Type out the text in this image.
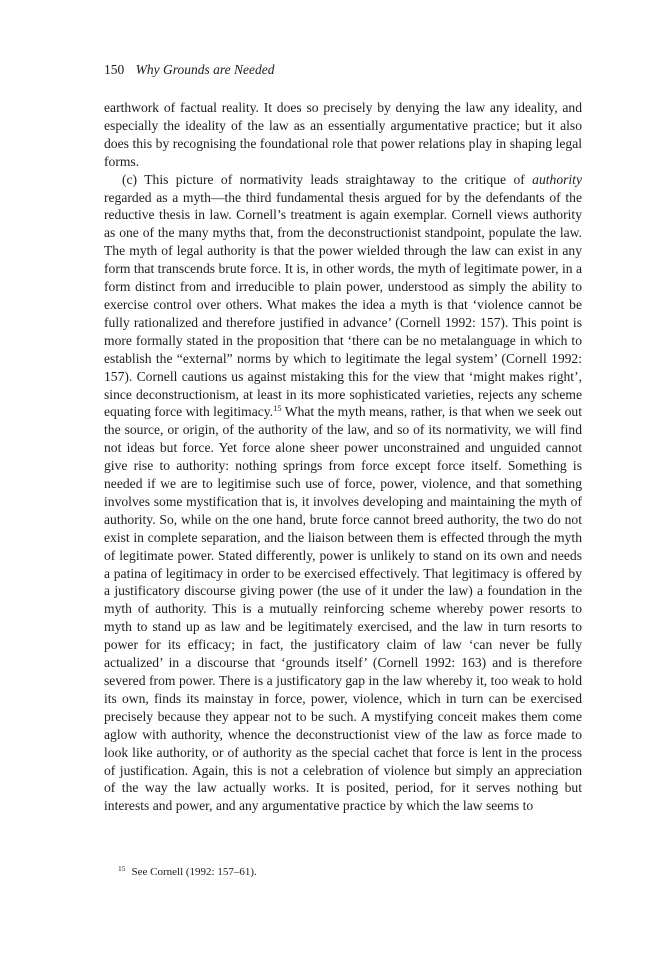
150 Why Grounds are Needed

earthwork of factual reality. It does so precisely by denying the law any ideality, and especially the ideality of the law as an essentially argumentative practice; but it also does this by recognising the foundational role that power relations play in shaping legal forms.

(c) This picture of normativity leads straightaway to the critique of authority regarded as a myth—the third fundamental thesis argued for by the defendants of the reductive thesis in law. Cornell’s treatment is again exemplar. Cornell views authority as one of the many myths that, from the deconstructionist standpoint, populate the law. The myth of legal authority is that the power wielded through the law can exist in any form that transcends brute force. It is, in other words, the myth of legitimate power, in a form distinct from and irreducible to plain power, understood as simply the ability to exercise control over others. What makes the idea a myth is that ‘violence cannot be fully rationalized and therefore justified in advance’ (Cornell 1992: 157). This point is more formally stated in the proposition that ‘there can be no metalanguage in which to establish the “external” norms by which to legitimate the legal system’ (Cornell 1992: 157). Cornell cautions us against mistaking this for the view that ‘might makes right’, since deconstructionism, at least in its more sophisticated varieties, rejects any scheme equating force with legitimacy.$^{15}$ What the myth means, rather, is that when we seek out the source, or origin, of the authority of the law, and so of its normativity, we will find not ideas but force. Yet force alone sheer power unconstrained and unguided cannot give rise to authority: nothing springs from force except force itself. Something is needed if we are to legitimise such use of force, power, violence, and that something involves some mystification that is, it involves developing and maintaining the myth of authority. So, while on the one hand, brute force cannot breed authority, the two do not exist in complete separation, and the liaison between them is effected through the myth of legitimate power. Stated differently, power is unlikely to stand on its own and needs a patina of legitimacy in order to be exercised effectively. That legitimacy is offered by a justificatory discourse giving power (the use of it under the law) a foundation in the myth of authority. This is a mutually reinforcing scheme whereby power resorts to myth to stand up as law and be legitimately exercised, and the law in turn resorts to power for its efficacy; in fact, the justificatory claim of law ‘can never be fully actualized’ in a discourse that ‘grounds itself’ (Cornell 1992: 163) and is therefore severed from power. There is a justificatory gap in the law whereby it, too weak to hold its own, finds its mainstay in force, power, violence, which in turn can be exercised precisely because they appear not to be such. A mystifying conceit makes them come aglow with authority, whence the deconstructionist view of the law as force made to look like authority, or of authority as the special cachet that force is lent in the process of justification. Again, this is not a celebration of violence but simply an appreciation of the way the law actually works. It is posited, period, for it serves nothing but interests and power, and any argumentative practice by which the law seems to

$^{15}$ See Cornell (1992: 157–61).
